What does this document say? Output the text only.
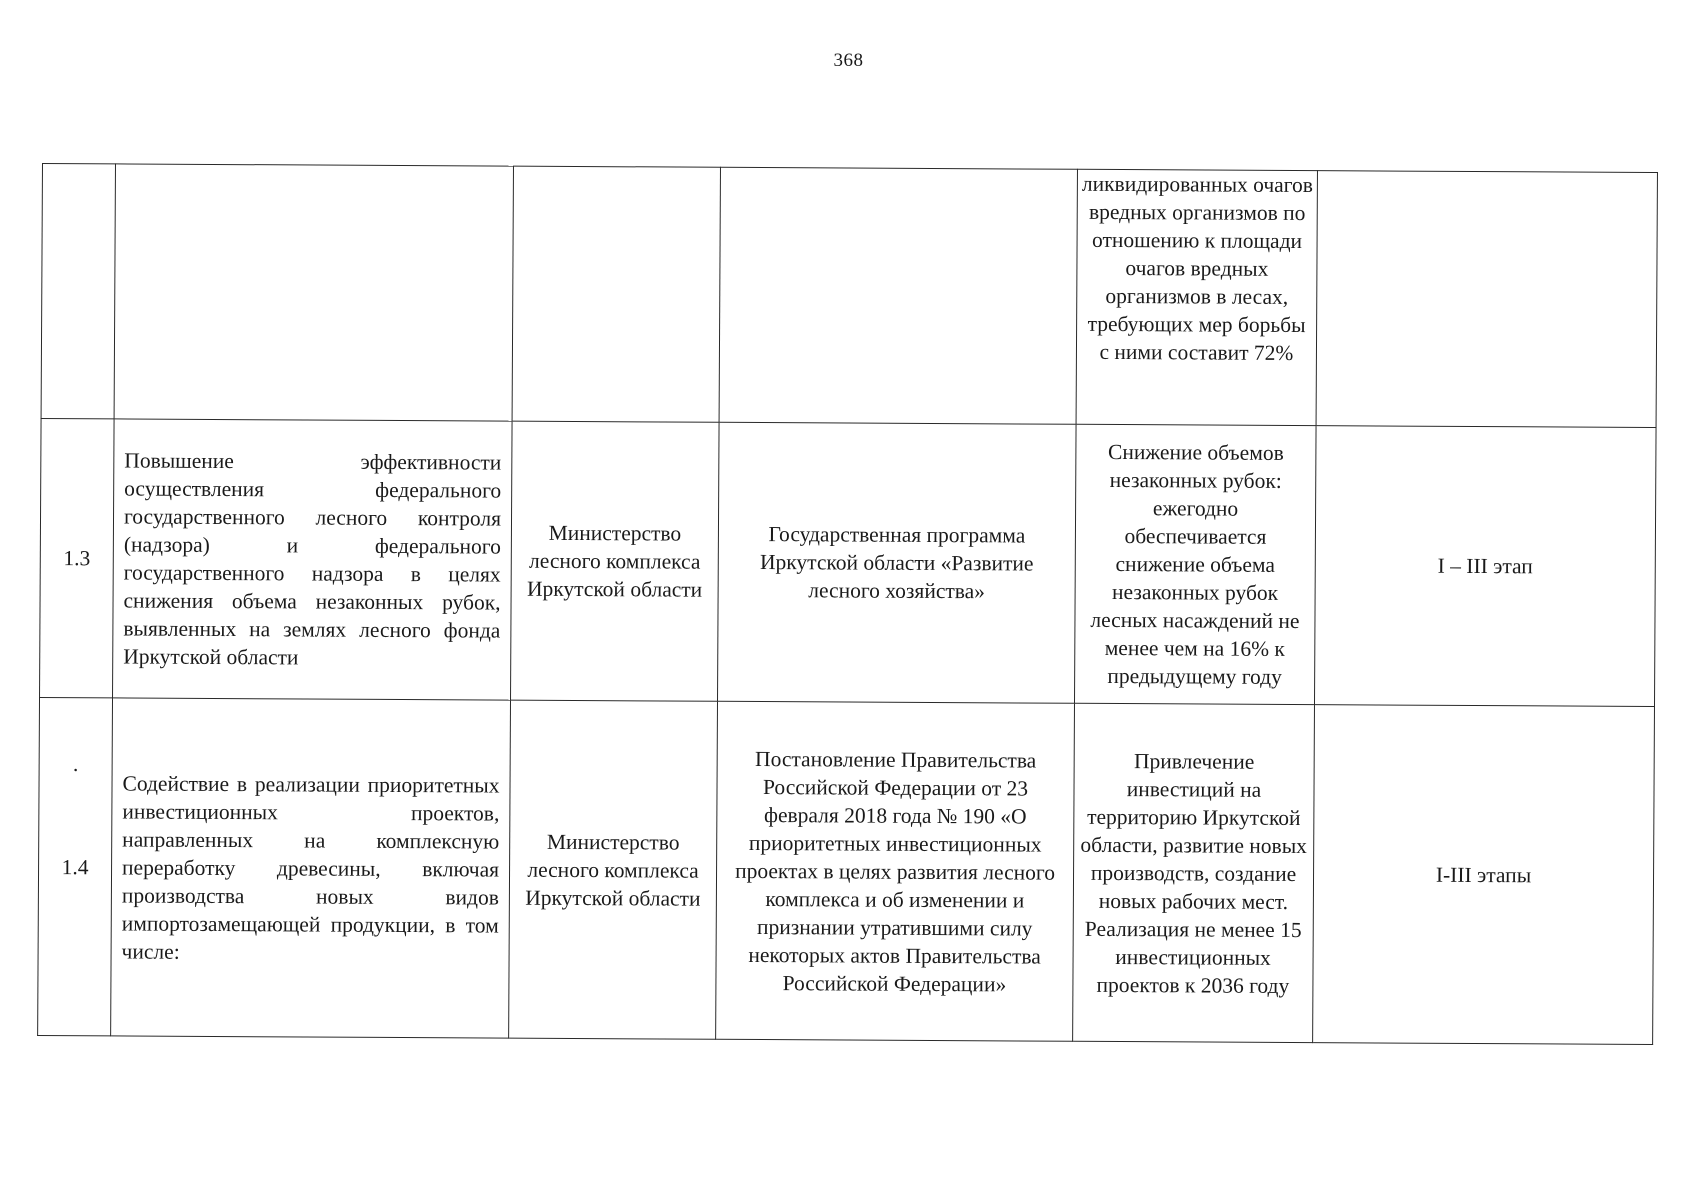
368
				ликвидированных очагов вредных организмов по отношению к площади очагов вредных организмов в лесах, требующих мер борьбы с ними составит 72%	
1.3	Повышение эффективности осуществления федерального государственного лесного контроля (надзора) и федерального государственного надзора в целях снижения объема незаконных рубок, выявленных на землях лесного фонда Иркутской области	Министерство лесного комплекса Иркутской области	Государственная программа Иркутской области «Развитие лесного хозяйства»	Снижение объемов незаконных рубок: ежегодно обеспечивается снижение объема незаконных рубок лесных насаждений не менее чем на 16% к предыдущему году	I – III этап

·
1.4	Содействие в реализации приоритетных инвестиционных проектов, направленных на комплексную переработку древесины, включая производства новых видов импортозамещающей продукции, в том числе:	Министерство лесного комплекса Иркутской области	Постановление Правительства Российской Федерации от 23 февраля 2018 года № 190 «О приоритетных инвестиционных проектах в целях развития лесного комплекса и об изменении и признании утратившими силу некоторых актов Правительства Российской Федерации»	Привлечение инвестиций на территорию Иркутской области, развитие новых производств, создание новых рабочих мест. Реализация не менее 15 инвестиционных проектов к 2036 году	I-III этапы
